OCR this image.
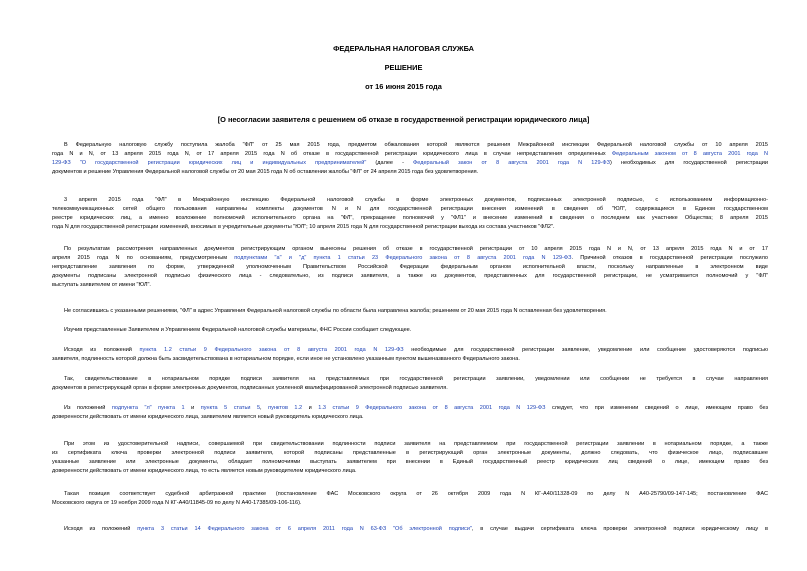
ФЕДЕРАЛЬНАЯ НАЛОГОВАЯ СЛУЖБА
РЕШЕНИЕ
от 16 июня 2015 года
[О несогласии заявителя с решением об отказе в государственной регистрации юридического лица]
В Федеральную налоговую службу поступила жалоба "ФЛ" от 25 мая 2015 года, предметом обжалования которой являются решения Межрайонной инспекции Федеральной налоговой службы от 10 апреля 2015
года N и N, от 13 апреля 2015 года N, от 17 апреля 2015 года N об отказе в государственной регистрации юридического лица в случае непредставления определенных Федеральным законом от 8 августа 2001 года N
129-ФЗ "О государственной регистрации юридических лиц и индивидуальных предпринимателей" (далее - Федеральный закон от 8 августа 2001 года N 129-ФЗ) необходимых для государственной регистрации
документов и решение Управления Федеральной налоговой службы от 20 мая 2015 года N об оставлении жалобы "ФЛ" от 24 апреля 2015 года без удовлетворения.
3 апреля 2015 года "ФЛ" в Межрайонную инспекцию Федеральной налоговой службы в форме электронных документов, подписанных электронной подписью, с использованием информационно-
телекоммуникационных сетей общего пользования направлены комплекты документов N и N для государственной регистрации внесения изменений в сведения об "ЮЛ", содержащиеся в Едином государственном
реестре юридических лиц, а именно возложение полномочий исполнительного органа на "ФЛ", прекращение полномочий у "ФЛ1" и внесение изменений в сведения о последнем как участнике Общества; 8 апреля 2015
года N для государственной регистрации изменений, вносимых в учредительные документы "ЮЛ"; 10 апреля 2015 года N для государственной регистрации выхода из состава участников "ФЛ2".
По результатам рассмотрения направленных документов регистрирующим органом вынесены решения об отказе в государственной регистрации от 10 апреля 2015 года N и N, от 13 апреля 2015 года N и от 17
апреля 2015 года N по основаниям, предусмотренным подпунктами "а" и "д" пункта 1 статьи 23 Федерального закона от 8 августа 2001 года N 129-ФЗ. Причиной отказов в государственной регистрации послужило
непредставление заявления по форме, утвержденной уполномоченным Правительством Российской Федерации федеральным органом исполнительной власти, поскольку направленные в электронном виде
документы подписаны электронной подписью физического лица - следовательно, из подписи заявителя, а также из документов, представленных для государственной регистрации, не усматривается полномочий у "ФЛ"
выступать заявителем от имени "ЮЛ".
Не согласившись с указанными решениями, "ФЛ" в адрес Управления Федеральной налоговой службы по области была направлена жалоба; решением от 20 мая 2015 года N оставленная без удовлетворения.
Изучив представленные Заявителем и Управлением Федеральной налоговой службы материалы, ФНС России сообщает следующее.
Исходя из положений пункта 1.2 статьи 9 Федерального закона от 8 августа 2001 года N 129-ФЗ необходимые для государственной регистрации заявление, уведомление или сообщение удостоверяются подписью
заявителя, подлинность которой должна быть засвидетельствована в нотариальном порядке, если иное не установлено указанным пунктом вышеназванного Федерального закона.
Так, свидетельствование в нотариальном порядке подписи заявителя на представляемых при государственной регистрации заявлении, уведомлении или сообщении не требуется в случае направления
документов в регистрирующий орган в форме электронных документов, подписанных усиленной квалифицированной электронной подписью заявителя.
Из положений подпункта "л" пункта 1 и пункта 5 статьи 5, пунктов 1.2 и 1.3 статьи 9 Федерального закона от 8 августа 2001 года N 129-ФЗ следует, что при изменении сведений о лице, имеющем право без
доверенности действовать от имени юридического лица, заявителем является новый руководитель юридического лица.
При этом из удостоверительной надписи, совершаемой при свидетельствовании подлинности подписи заявителя на представляемом при государственной регистрации заявлении в нотариальном порядке, а также
из сертификата ключа проверки электронной подписи заявителя, которой подписаны представленные в регистрирующий орган электронные документы, должно следовать, что физическое лицо, подписавшее
указанные заявление или электронные документы, обладает полномочиями выступать заявителем при внесении в Единый государственный реестр юридических лиц сведений о лице, имеющем право без
доверенности действовать от имени юридического лица, то есть является новым руководителем юридического лица.
Такая позиция соответствует судебной арбитражной практике (постановление ФАС Московского округа от 26 октября 2009 года N КГ-А40/11328-09 по делу N А40-25790/09-147-145; постановление ФАС
Московского округа от 19 ноября 2009 года N КГ-А40/11845-09 по делу N А40-17385/09-106-116).
Исходя из положений пункта 3 статьи 14 Федерального закона от 6 апреля 2011 года N 63-ФЗ "Об электронной подписи", в случае выдачи сертификата ключа проверки электронной подписи юридическому лицу в
